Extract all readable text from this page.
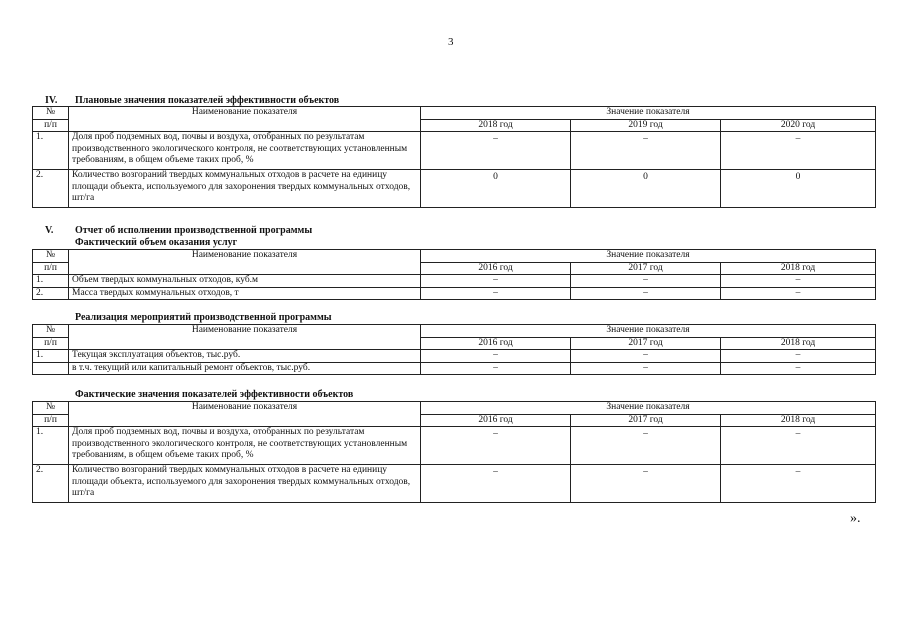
3
IV. Плановые значения показателей эффективности объектов
№	Наименование показателя	Значение показателя		
п/п		2018 год	2019 год	2020 год
1.	Доля проб подземных вод, почвы и воздуха, отобранных по результатам производственного экологического контроля, не соответствующих установленным требованиям, в общем объеме таких проб, %	–	–	–
2.	Количество возгораний твердых коммунальных отходов в расчете на единицу площади объекта, используемого для захоронения твердых коммунальных отходов, шт/га	0	0	0
V. Отчет об исполнении производственной программы
Фактический объем оказания услуг
№	Наименование показателя	Значение показателя		
п/п		2016 год	2017 год	2018 год
1.	Объем твердых коммунальных отходов, куб.м	–	–	–
2.	Масса твердых коммунальных отходов, т	–	–	–
Реализация мероприятий производственной программы
№	Наименование показателя	Значение показателя		
п/п		2016 год	2017 год	2018 год
1.	Текущая эксплуатация объектов, тыс.руб.	–	–	–
	в т.ч. текущий или капитальный ремонт объектов, тыс.руб.	–	–	–
Фактические значения показателей эффективности объектов
№	Наименование показателя	Значение показателя		
п/п		2016 год	2017 год	2018 год
1.	Доля проб подземных вод, почвы и воздуха, отобранных по результатам производственного экологического контроля, не соответствующих установленным требованиям, в общем объеме таких проб, %	–	–	–
2.	Количество возгораний твердых коммунальных отходов в расчете на единицу площади объекта, используемого для захоронения твердых коммунальных отходов, шт/га	–	–	–
».
